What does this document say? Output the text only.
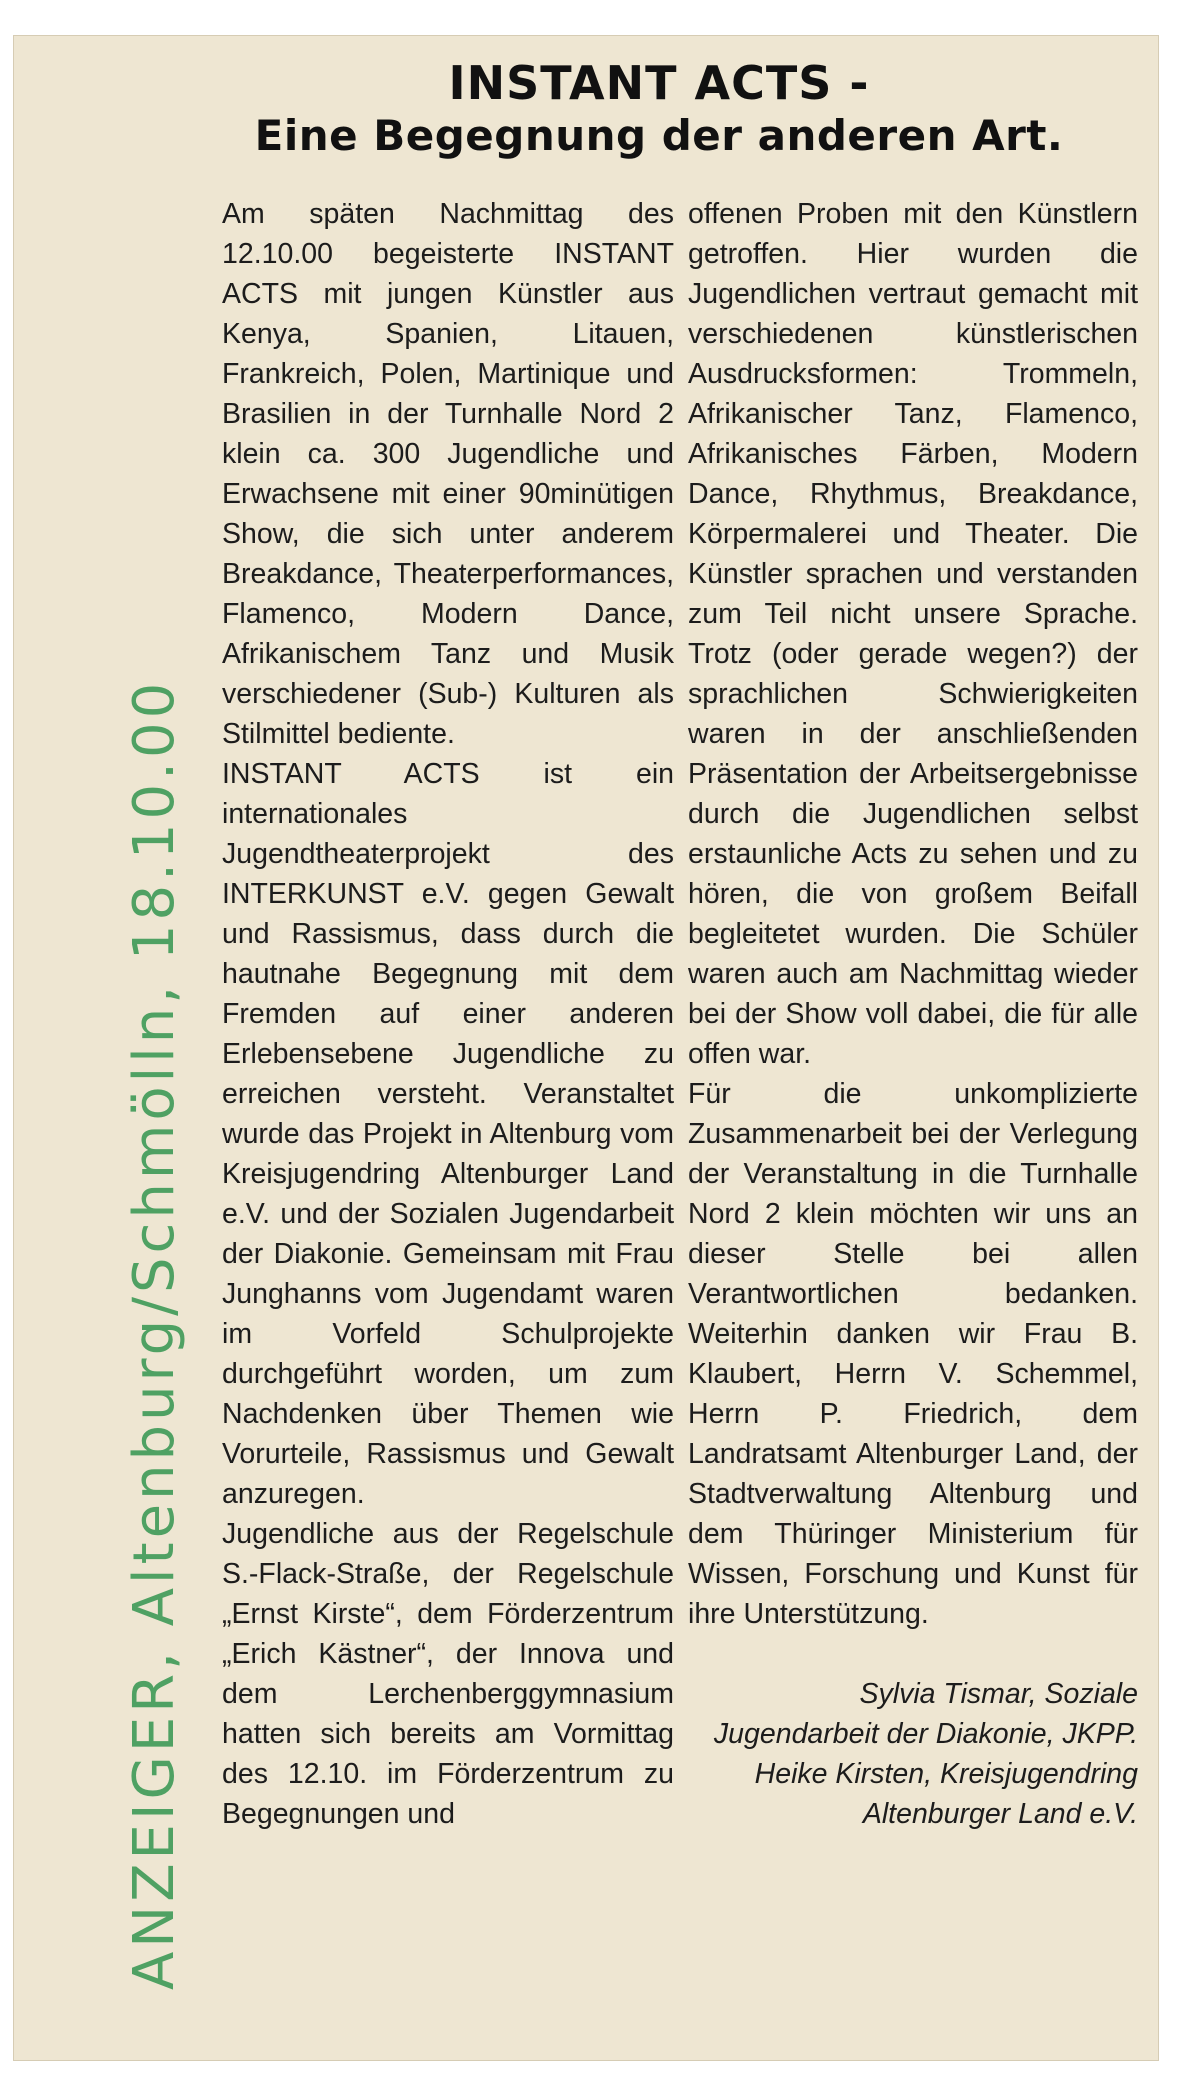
INSTANT ACTS -
Eine Begegnung der anderen Art.

Am späten Nachmittag des 12.10.00 begeisterte INSTANT ACTS mit jungen Künstler aus Kenya, Spanien, Litauen, Frankreich, Polen, Martinique und Brasilien in der Turnhalle Nord 2 klein ca. 300 Jugendliche und Erwachsene mit einer 90minütigen Show, die sich unter anderem Breakdance, Theaterperformances, Flamenco, Modern Dance, Afrikanischem Tanz und Musik verschiedener (Sub-) Kulturen als Stilmittel bediente.

INSTANT ACTS ist ein internationales Jugendtheaterprojekt des INTERKUNST e.V. gegen Gewalt und Rassismus, dass durch die hautnahe Begegnung mit dem Fremden auf einer anderen Erlebensebene Jugendliche zu erreichen versteht. Veranstaltet wurde das Projekt in Altenburg vom Kreisjugendring Altenburger Land e.V. und der Sozialen Jugendarbeit der Diakonie. Gemeinsam mit Frau Junghanns vom Jugendamt waren im Vorfeld Schulprojekte durchgeführt worden, um zum Nachdenken über Themen wie Vorurteile, Rassismus und Gewalt anzuregen.

Jugendliche aus der Regelschule S.-Flack-Straße, der Regelschule „Ernst Kirste“, dem Förderzentrum „Erich Kästner“, der Innova und dem Lerchenberggymnasium hatten sich bereits am Vormittag des 12.10. im Förderzentrum zu Begegnungen und

offenen Proben mit den Künstlern getroffen. Hier wurden die Jugendlichen vertraut gemacht mit verschiedenen künstlerischen Ausdrucksformen: Trommeln, Afrikanischer Tanz, Flamenco, Afrikanisches Färben, Modern Dance, Rhythmus, Breakdance, Körpermalerei und Theater. Die Künstler sprachen und verstanden zum Teil nicht unsere Sprache. Trotz (oder gerade wegen?) der sprachlichen Schwierigkeiten waren in der anschließenden Präsentation der Arbeitsergebnisse durch die Jugendlichen selbst erstaunliche Acts zu sehen und zu hören, die von großem Beifall begleitetet wurden. Die Schüler waren auch am Nachmittag wieder bei der Show voll dabei, die für alle offen war.

Für die unkomplizierte Zusammenarbeit bei der Verlegung der Veranstaltung in die Turnhalle Nord 2 klein möchten wir uns an dieser Stelle bei allen Verantwortlichen bedanken. Weiterhin danken wir Frau B. Klaubert, Herrn V. Schemmel, Herrn P. Friedrich, dem Landratsamt Altenburger Land, der Stadtverwaltung Altenburg und dem Thüringer Ministerium für Wissen, Forschung und Kunst für ihre Unterstützung.

Sylvia Tismar, Soziale Jugendarbeit der Diakonie, JKPP.

Heike Kirsten, Kreisjugendring Altenburger Land e.V.

ANZEIGER, Altenburg/Schmölln, 18.10.00
